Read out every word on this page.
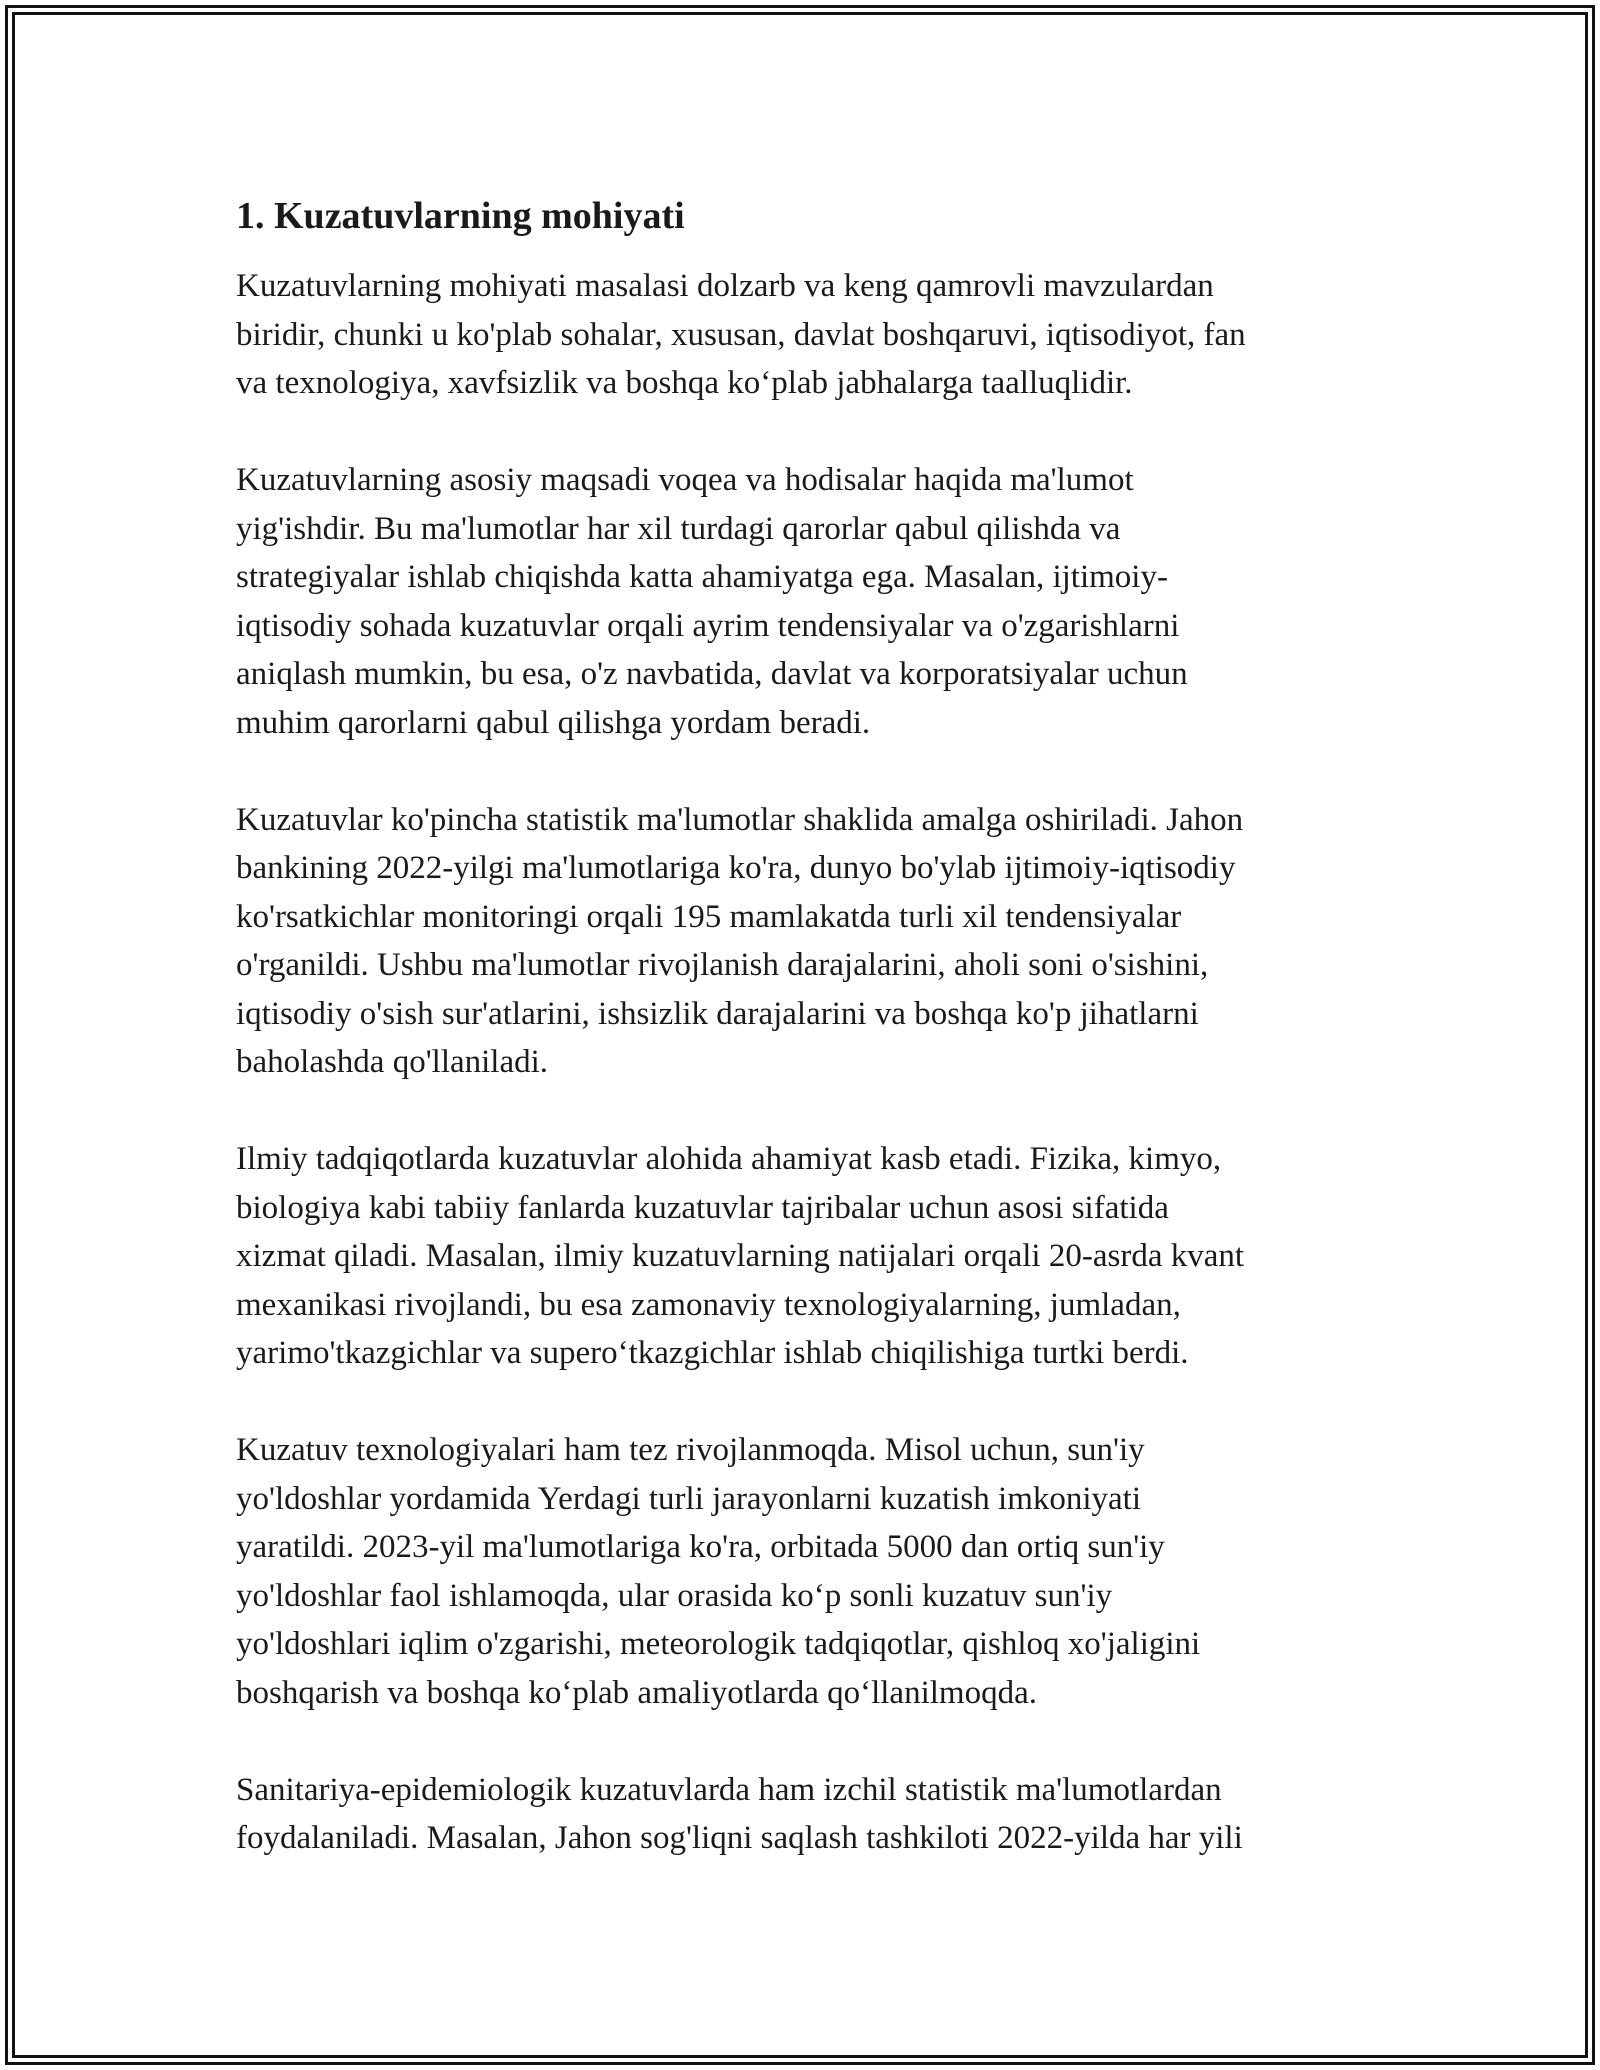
1. Kuzatuvlarning mohiyati

Kuzatuvlarning mohiyati masalasi dolzarb va keng qamrovli mavzulardan
biridir, chunki u ko'plab sohalar, xususan, davlat boshqaruvi, iqtisodiyot, fan
va texnologiya, xavfsizlik va boshqa ko‘plab jabhalarga taalluqlidir.

Kuzatuvlarning asosiy maqsadi voqea va hodisalar haqida ma'lumot
yig'ishdir. Bu ma'lumotlar har xil turdagi qarorlar qabul qilishda va
strategiyalar ishlab chiqishda katta ahamiyatga ega. Masalan, ijtimoiy-
iqtisodiy sohada kuzatuvlar orqali ayrim tendensiyalar va o'zgarishlarni
aniqlash mumkin, bu esa, o'z navbatida, davlat va korporatsiyalar uchun
muhim qarorlarni qabul qilishga yordam beradi.

Kuzatuvlar ko'pincha statistik ma'lumotlar shaklida amalga oshiriladi. Jahon
bankining 2022-yilgi ma'lumotlariga ko'ra, dunyo bo'ylab ijtimoiy-iqtisodiy
ko'rsatkichlar monitoringi orqali 195 mamlakatda turli xil tendensiyalar
o'rganildi. Ushbu ma'lumotlar rivojlanish darajalarini, aholi soni o'sishini,
iqtisodiy o'sish sur'atlarini, ishsizlik darajalarini va boshqa ko'p jihatlarni
baholashda qo'llaniladi.

Ilmiy tadqiqotlarda kuzatuvlar alohida ahamiyat kasb etadi. Fizika, kimyo,
biologiya kabi tabiiy fanlarda kuzatuvlar tajribalar uchun asosi sifatida
xizmat qiladi. Masalan, ilmiy kuzatuvlarning natijalari orqali 20-asrda kvant
mexanikasi rivojlandi, bu esa zamonaviy texnologiyalarning, jumladan,
yarimo'tkazgichlar va supero‘tkazgichlar ishlab chiqilishiga turtki berdi.

Kuzatuv texnologiyalari ham tez rivojlanmoqda. Misol uchun, sun'iy
yo'ldoshlar yordamida Yerdagi turli jarayonlarni kuzatish imkoniyati
yaratildi. 2023-yil ma'lumotlariga ko'ra, orbitada 5000 dan ortiq sun'iy
yo'ldoshlar faol ishlamoqda, ular orasida ko‘p sonli kuzatuv sun'iy
yo'ldoshlari iqlim o'zgarishi, meteorologik tadqiqotlar, qishloq xo'jaligini
boshqarish va boshqa ko‘plab amaliyotlarda qo‘llanilmoqda.

Sanitariya-epidemiologik kuzatuvlarda ham izchil statistik ma'lumotlardan
foydalaniladi. Masalan, Jahon sog'liqni saqlash tashkiloti 2022-yilda har yili
